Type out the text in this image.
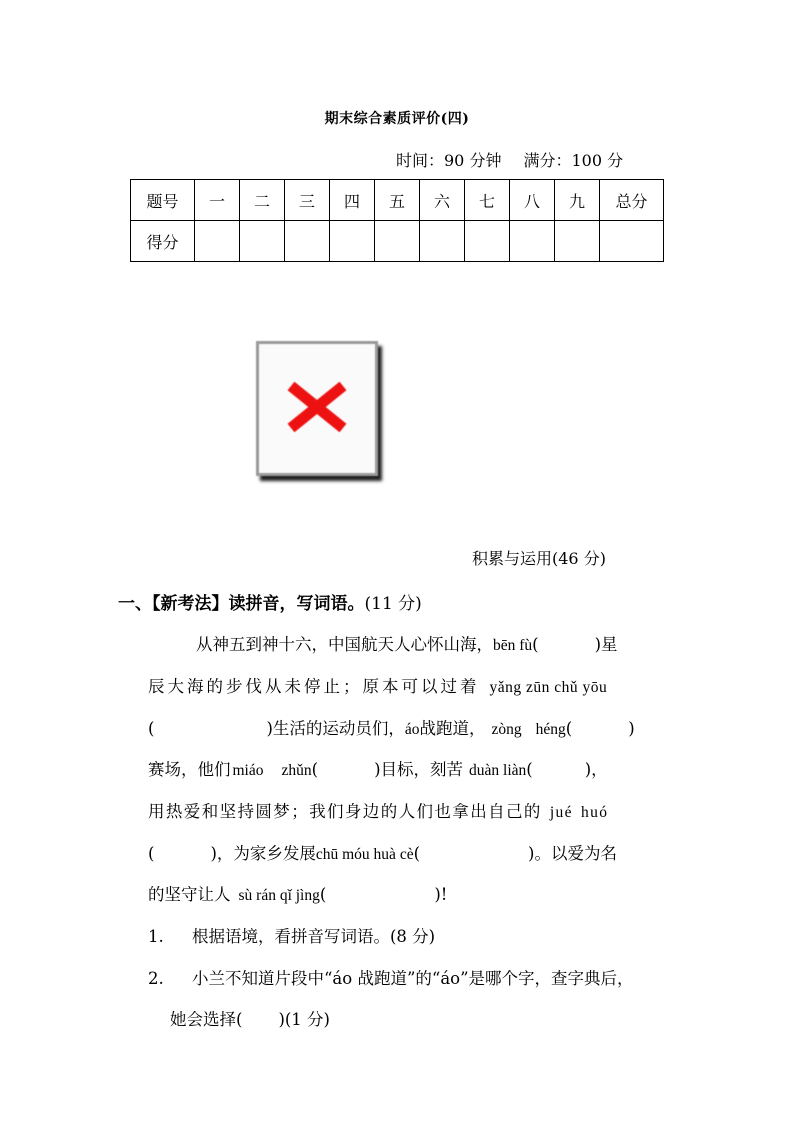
期末综合素质评价(四)
时间：90 分钟 满分：100 分
题号	一	二	三	四	五	六	七	八	九	总分
得分										
积累与运用(46 分)
一、【新考法】读拼音，写词语。(11 分)
从神五到神十六，中国航天人心怀山海，bēn fù(	)星
辰大海的步伐从未停止；原本可以过着 yǎng zūn chǔ yōu
(	)生活的运动员们，áo战跑道， zòng héng(	)
赛场，他们 miáo zhǔn(	)目标，刻苦 duàn liàn(	)，
用热爱和坚持圆梦；我们身边的人们也拿出自己的 jué huó
(	)，为家乡发展chū móu huà cè(	)。以爱为名
的坚守让人 sù rán qǐ jìng(	)!
1. 根据语境，看拼音写词语。(8 分)
2. 小兰不知道片段中“áo 战跑道”的“áo”是哪个字，查字典后，
她会选择( )(1 分)
